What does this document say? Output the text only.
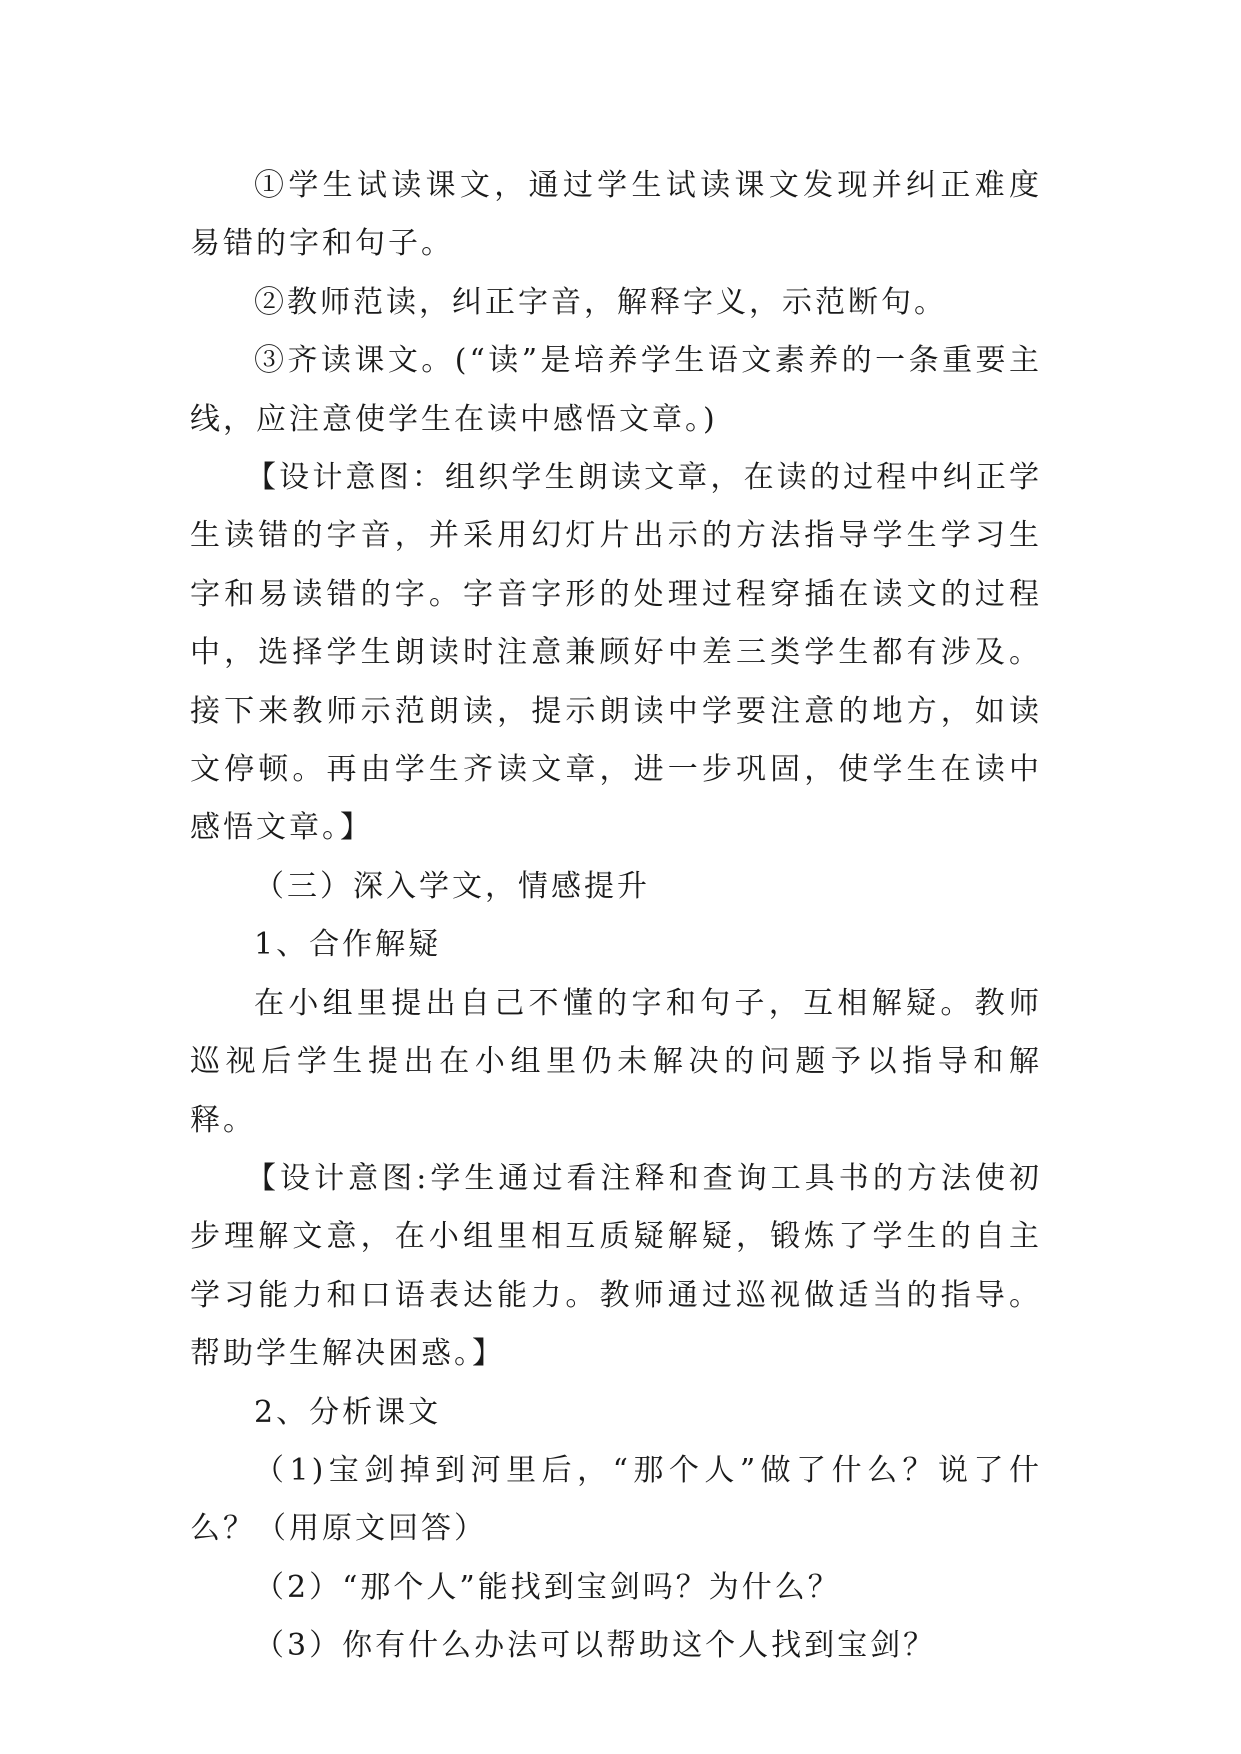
①学生试读课文，通过学生试读课文发现并纠正难度易错的字和句子。

②教师范读，纠正字音，解释字义，示范断句。

③齐读课文。(“读”是培养学生语文素养的一条重要主线，应注意使学生在读中感悟文章。)

【设计意图：组织学生朗读文章，在读的过程中纠正学生读错的字音，并采用幻灯片出示的方法指导学生学习生字和易读错的字。字音字形的处理过程穿插在读文的过程中，选择学生朗读时注意兼顾好中差三类学生都有涉及。接下来教师示范朗读，提示朗读中学要注意的地方，如读文停顿。再由学生齐读文章，进一步巩固，使学生在读中感悟文章。】

（三）深入学文，情感提升

1、合作解疑

在小组里提出自己不懂的字和句子，互相解疑。教师巡视后学生提出在小组里仍未解决的问题予以指导和解释。

【设计意图:学生通过看注释和查询工具书的方法使初步理解文意，在小组里相互质疑解疑，锻炼了学生的自主学习能力和口语表达能力。教师通过巡视做适当的指导。帮助学生解决困惑。】

2、分析课文

（1)宝剑掉到河里后，“那个人”做了什么？说了什么？（用原文回答）

（2）“那个人”能找到宝剑吗？为什么？

（3）你有什么办法可以帮助这个人找到宝剑？
